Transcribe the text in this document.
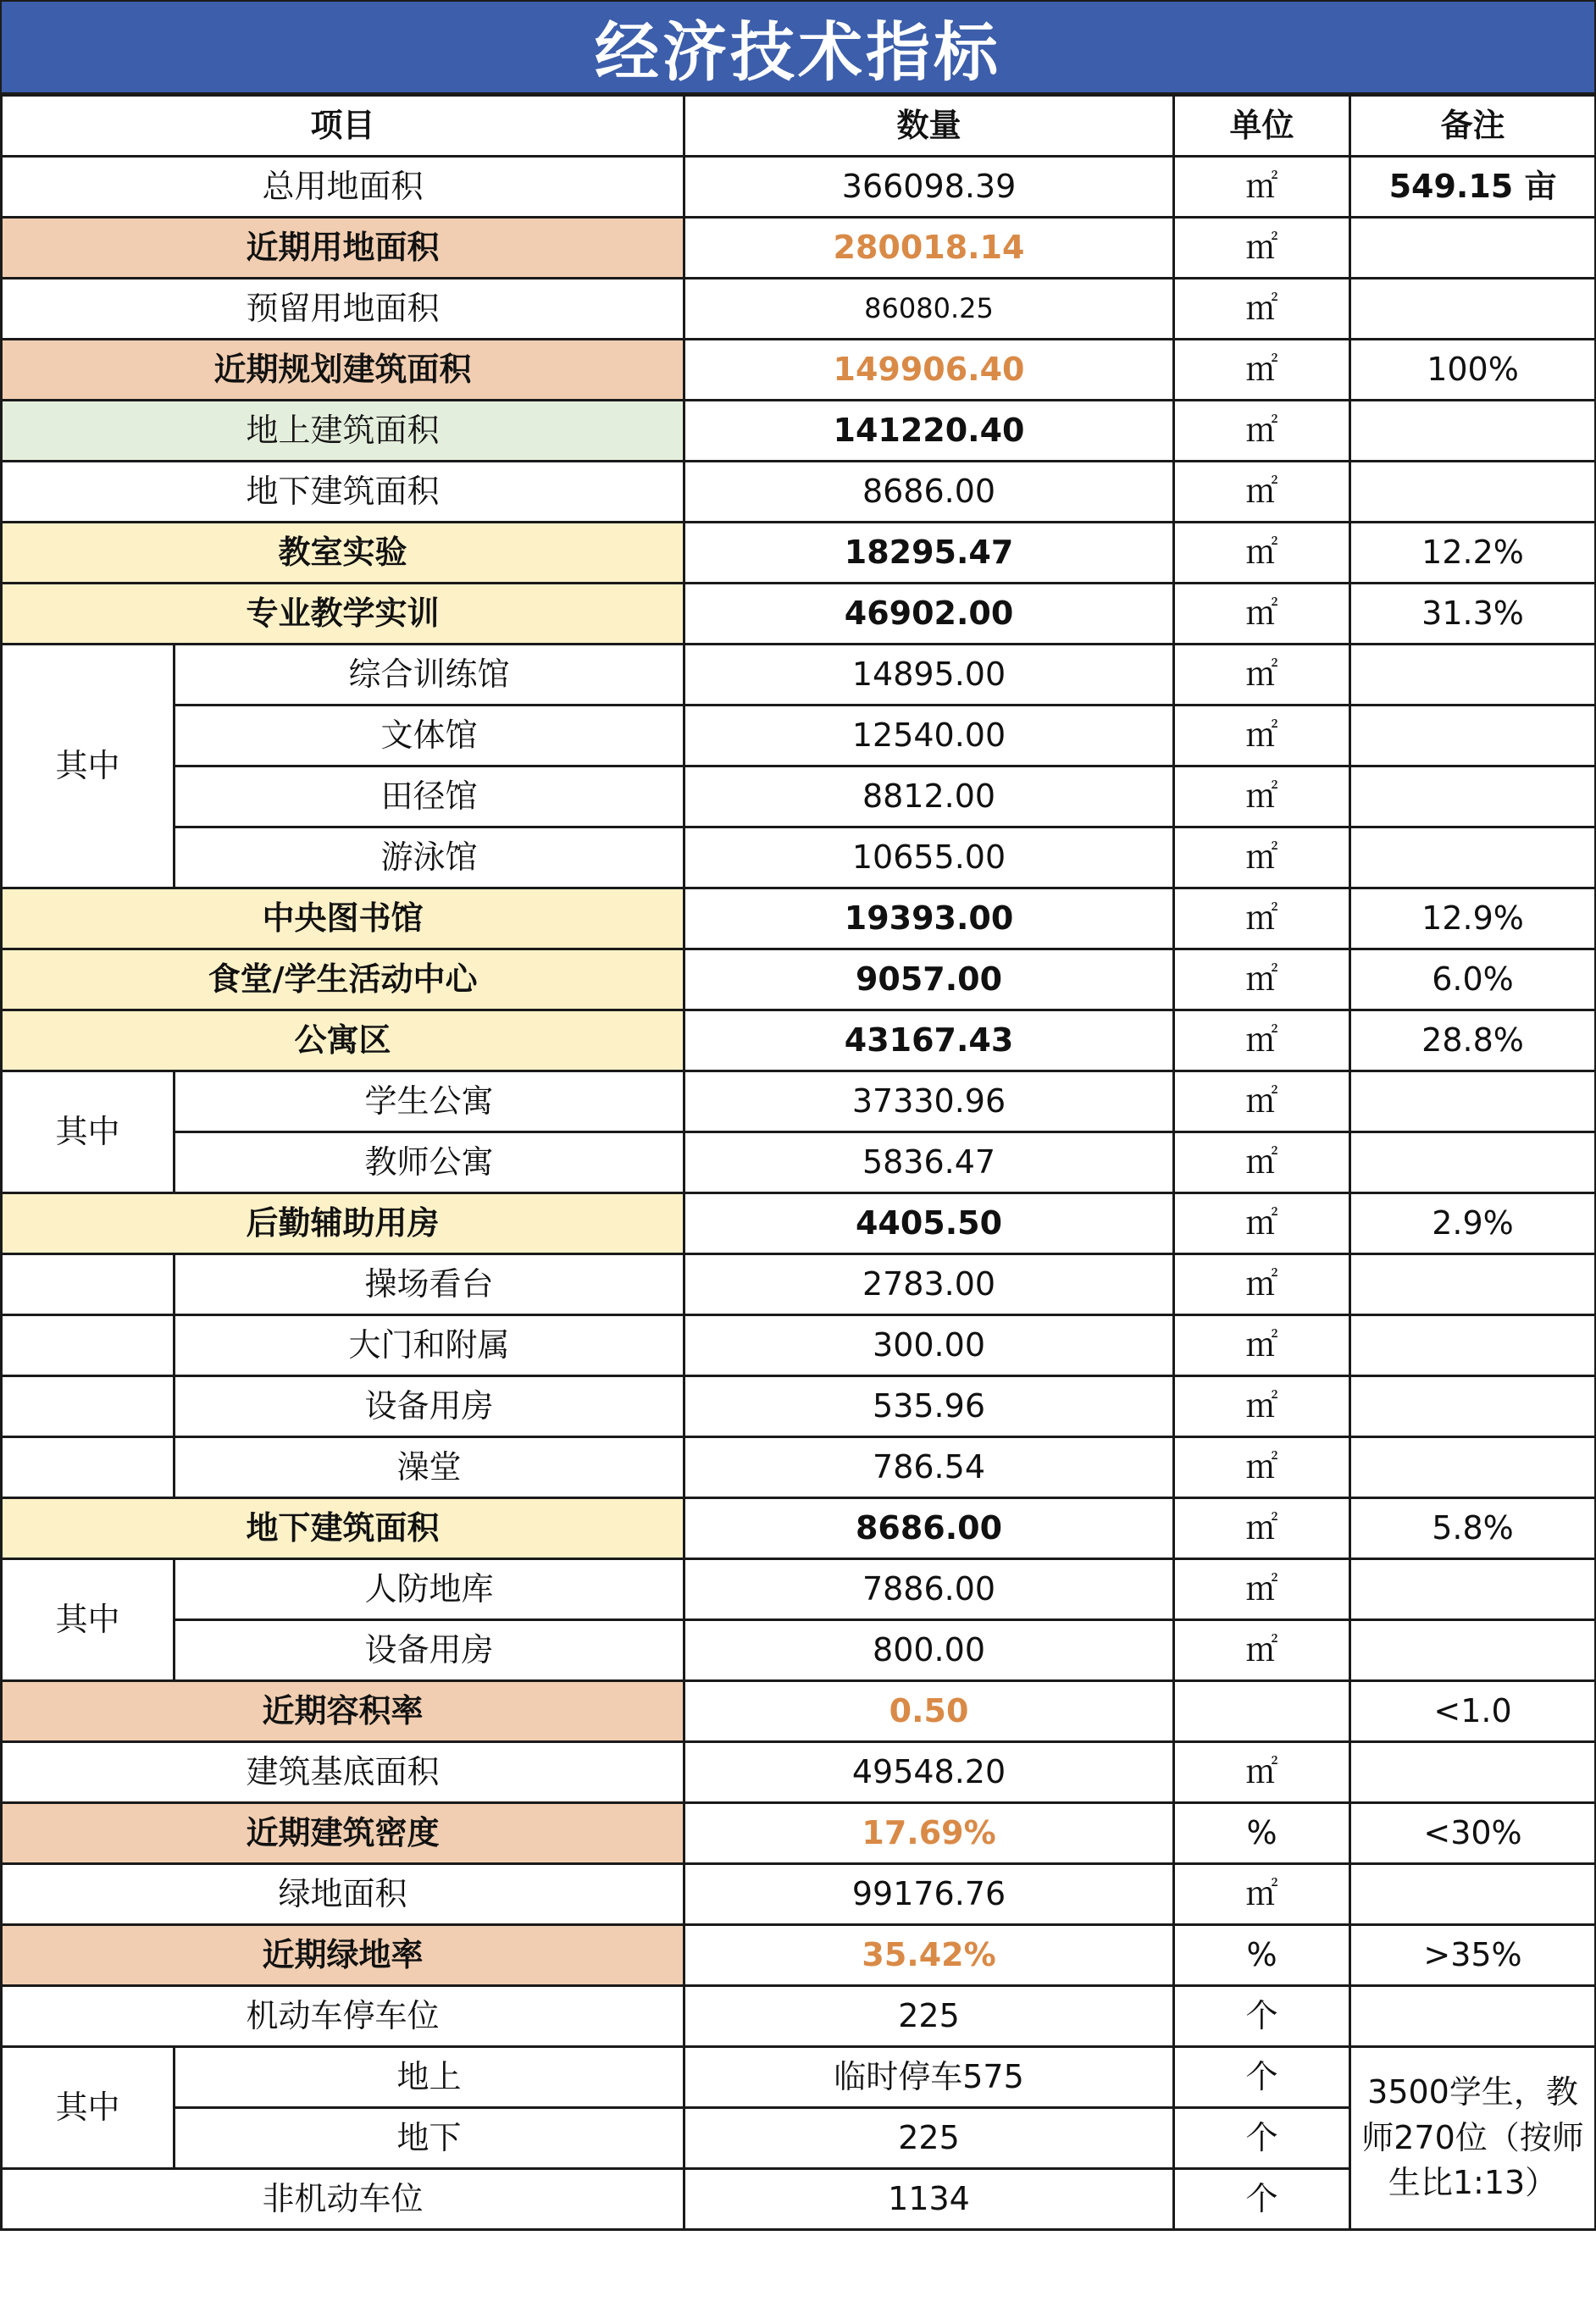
经济技术指标
项目		数量	单位	备注
总用地面积		366098.39	㎡	549.15 亩
近期用地面积		280018.14	㎡	
预留用地面积		86080.25	㎡	
近期规划建筑面积		149906.40	㎡	100%
地上建筑面积		141220.40	㎡	
地下建筑面积		8686.00	㎡	
教室实验		18295.47	㎡	12.2%
专业教学实训		46902.00	㎡	31.3%
其中	综合训练馆	14895.00	㎡	
	文体馆	12540.00	㎡	
	田径馆	8812.00	㎡	
	游泳馆	10655.00	㎡	
中央图书馆		19393.00	㎡	12.9%
食堂/学生活动中心		9057.00	㎡	6.0%
公寓区		43167.43	㎡	28.8%
其中	学生公寓	37330.96	㎡	
	教师公寓	5836.47	㎡	
后勤辅助用房		4405.50	㎡	2.9%
	操场看台	2783.00	㎡	
	大门和附属	300.00	㎡	
	设备用房	535.96	㎡	
	澡堂	786.54	㎡	
地下建筑面积		8686.00	㎡	5.8%
其中	人防地库	7886.00	㎡	
	设备用房	800.00	㎡	
近期容积率		0.50		<1.0
建筑基底面积		49548.20	㎡	
近期建筑密度		17.69%	%	<30%
绿地面积		99176.76	㎡	
近期绿地率		35.42%	%	>35%
机动车停车位		225	个	
其中	地上	临时停车575	个	3500学生，教师270位（按师生比1:13）
	地下	225	个	
非机动车位		1134	个	
